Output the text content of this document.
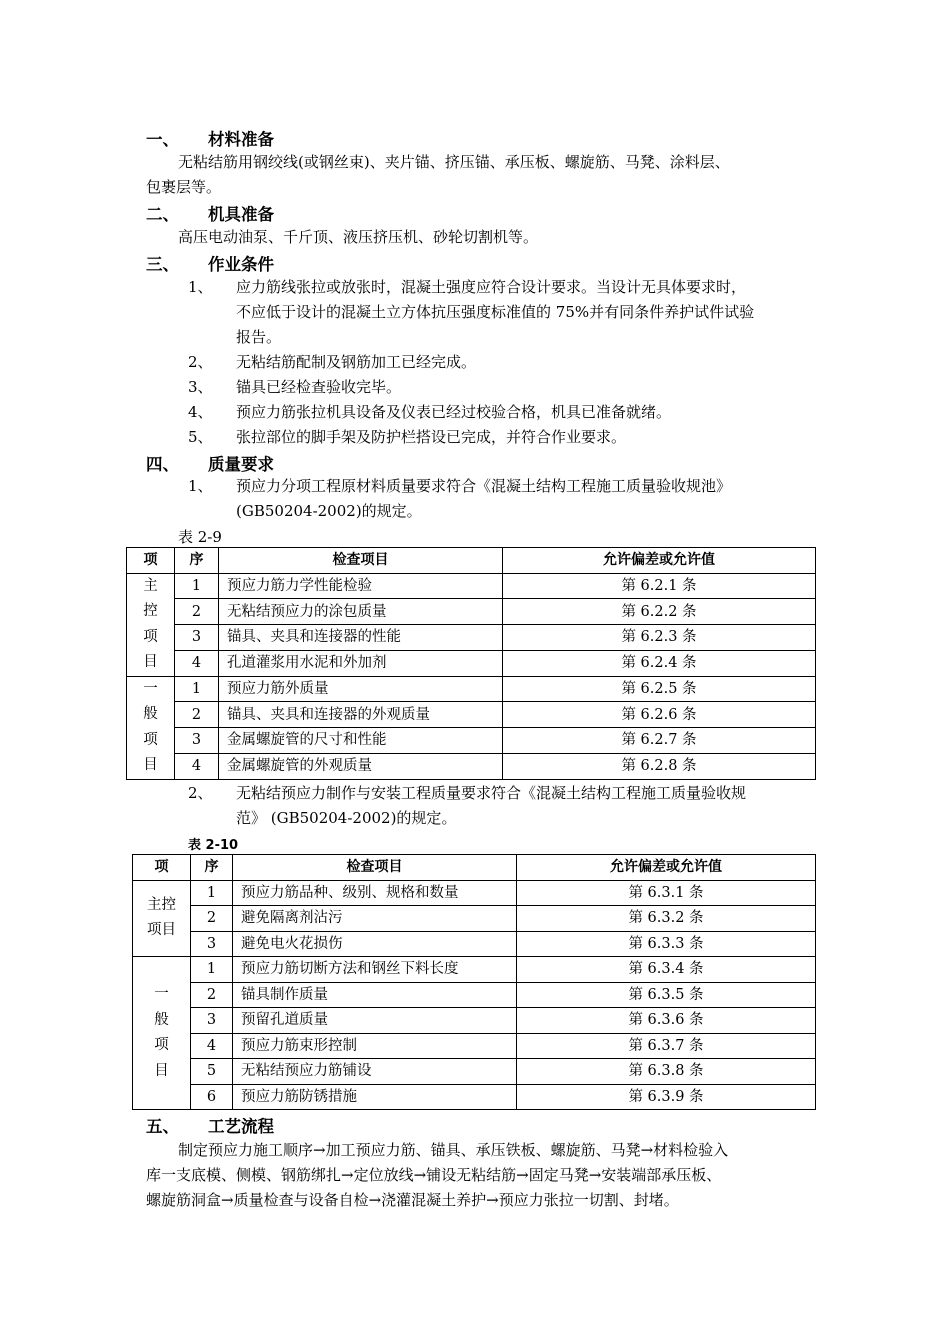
一、 材料准备
无粘结筋用钢绞线(或钢丝束)、夹片锚、挤压锚、承压板、螺旋筋、马凳、涂料层、
包裹层等。
二、 机具准备
高压电动油泵、千斤顶、液压挤压机、砂轮切割机等。
三、 作业条件
1、 应力筋线张拉或放张时，混凝土强度应符合设计要求。当设计无具体要求时，
不应低于设计的混凝土立方体抗压强度标准值的 75%并有同条件养护试件试验
报告。
2、 无粘结筋配制及钢筋加工已经完成。
3、 锚具已经检查验收完毕。
4、 预应力筋张拉机具设备及仪表已经过校验合格，机具已准备就绪。
5、 张拉部位的脚手架及防护栏搭设已完成，并符合作业要求。
四、 质量要求
1、 预应力分项工程原材料质量要求符合《混凝土结构工程施工质量验收规池》
(GB50204-2002)的规定。
表 2-9
项	序	检查项目	允许偏差或允许值

主
控
项
目	1	预应力筋力学性能检验	第 6.2.1 条
	2	无粘结预应力的涂包质量	第 6.2.2 条
	3	锚具、夹具和连接器的性能	第 6.2.3 条
	4	孔道灌浆用水泥和外加剂	第 6.2.4 条

一
般
项
目	1	预应力筋外质量	第 6.2.5 条
	2	锚具、夹具和连接器的外观质量	第 6.2.6 条
	3	金属螺旋管的尺寸和性能	第 6.2.7 条
	4	金属螺旋管的外观质量	第 6.2.8 条
2、 无粘结预应力制作与安装工程质量要求符合《混凝土结构工程施工质量验收规
范》 (GB50204-2002)的规定。
表 2-10
项	序	检查项目	允许偏差或允许值

主控
项目	1	预应力筋品种、级别、规格和数量	第 6.3.1 条
	2	避免隔离剂沾污	第 6.3.2 条
	3	避免电火花损伤	第 6.3.3 条

一
般
项
目	1	预应力筋切断方法和钢丝下料长度	第 6.3.4 条
	2	锚具制作质量	第 6.3.5 条
	3	预留孔道质量	第 6.3.6 条
	4	预应力筋束形控制	第 6.3.7 条
	5	无粘结预应力筋铺设	第 6.3.8 条
	6	预应力筋防锈措施	第 6.3.9 条
五、 工艺流程
制定预应力施工顺序→加工预应力筋、锚具、承压铁板、螺旋筋、马凳→材料检验入
库一支底模、侧模、钢筋绑扎→定位放线→铺设无粘结筋→固定马凳→安装端部承压板、
螺旋筋洞盒→质量检查与设备自检→浇灌混凝土养护→预应力张拉一切割、封堵。
